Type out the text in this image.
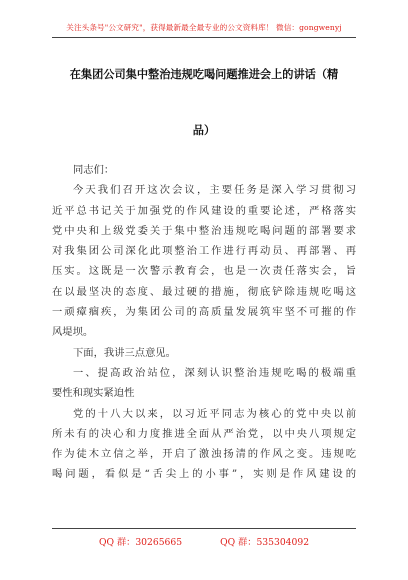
关注头条号"公文研究"，获得最新最全最专业的公文资料库！ 微信：gongwenyj
在集团公司集中整治违规吃喝问题推进会上的讲话（精
品）
同志们：
今天我们召开这次会议，主要任务是深入学习贯彻习
近平总书记关于加强党的作风建设的重要论述，严格落实
党中央和上级党委关于集中整治违规吃喝问题的部署要求
对我集团公司深化此项整治工作进行再动员、再部署、再
压实。这既是一次警示教育会，也是一次责任落实会，旨
在以最坚决的态度、最过硬的措施，彻底铲除违规吃喝这
一顽瘴痼疾，为集团公司的高质量发展筑牢坚不可摧的作
风堤坝。
下面，我讲三点意见。
一、提高政治站位，深刻认识整治违规吃喝的极端重
要性和现实紧迫性
党的十八大以来，以习近平同志为核心的党中央以前
所未有的决心和力度推进全面从严治党，以中央八项规定
作为徒木立信之举，开启了激浊扬清的作风之变。违规吃
喝问题，看似是“舌尖上的小事”，实则是作风建设的
QQ 群：30265665	QQ 群：535304092
